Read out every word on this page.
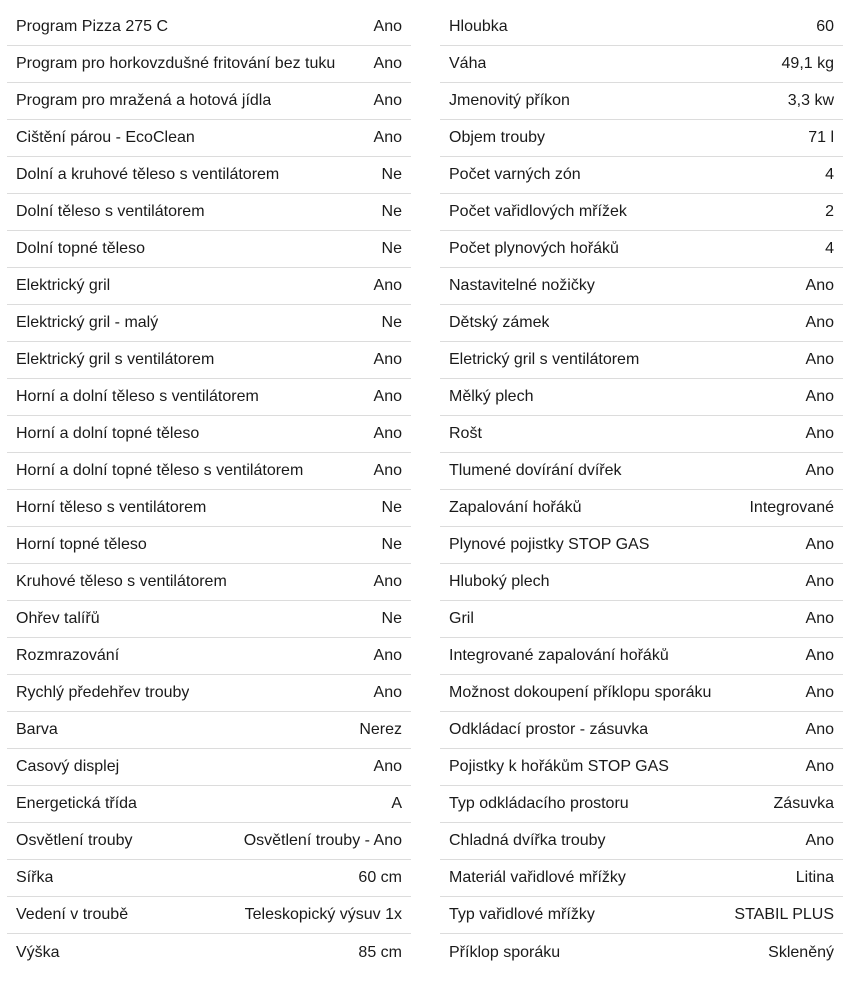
Program Pizza 275 C	Ano
Program pro horkovzdušné fritování bez tuku Ano
Program pro mražená a hotová jídla	Ano
Čištění párou - EcoClean	Ano
Dolní a kruhové těleso s ventilátorem	Ne
Dolní těleso s ventilátorem	Ne
Dolní topné těleso	Ne
Elektrický gril	Ano
Elektrický gril - malý	Ne
Elektrický gril s ventilátorem	Ano
Horní a dolní těleso s ventilátorem	Ano
Horní a dolní topné těleso	Ano
Horní a dolní topné těleso s ventilátorem	Ano
Horní těleso s ventilátorem	Ne
Horní topné těleso	Ne
Kruhové těleso s ventilátorem	Ano
Ohřev talířů	Ne
Rozmrazování	Ano
Rychlý předehřev trouby	Ano
Barva	Nerez
Časový displej	Ano
Energetická třída	A
Osvětlení trouby	Osvětlení trouby - Ano
Šířka	60 cm
Vedení v troubě	Teleskopický výsuv 1x
Výška	85 cm
Hloubka	60
Váha	49,1 kg
Jmenovitý příkon	3,3 kw
Objem trouby	71 l
Počet varných zón	4
Počet vařidlových mřížek	2
Počet plynových hořáků	4
Nastavitelné nožičky	Ano
Dětský zámek	Ano
Eletrický gril s ventilátorem	Ano
Mělký plech	Ano
Rošt	Ano
Tlumené dovírání dvířek	Ano
Zapalování hořáků	Integrované
Plynové pojistky STOP GAS	Ano
Hluboký plech	Ano
Gril	Ano
Integrované zapalování hořáků	Ano
Možnost dokoupení příklopu sporáku	Ano
Odkládací prostor - zásuvka	Ano
Pojistky k hořákům STOP GAS	Ano
Typ odkládacího prostoru	Zásuvka
Chladná dvířka trouby	Ano
Materiál vařidlové mřížky	Litina
Typ vařidlové mřížky	STABIL PLUS
Příklop sporáku	Skleněný
